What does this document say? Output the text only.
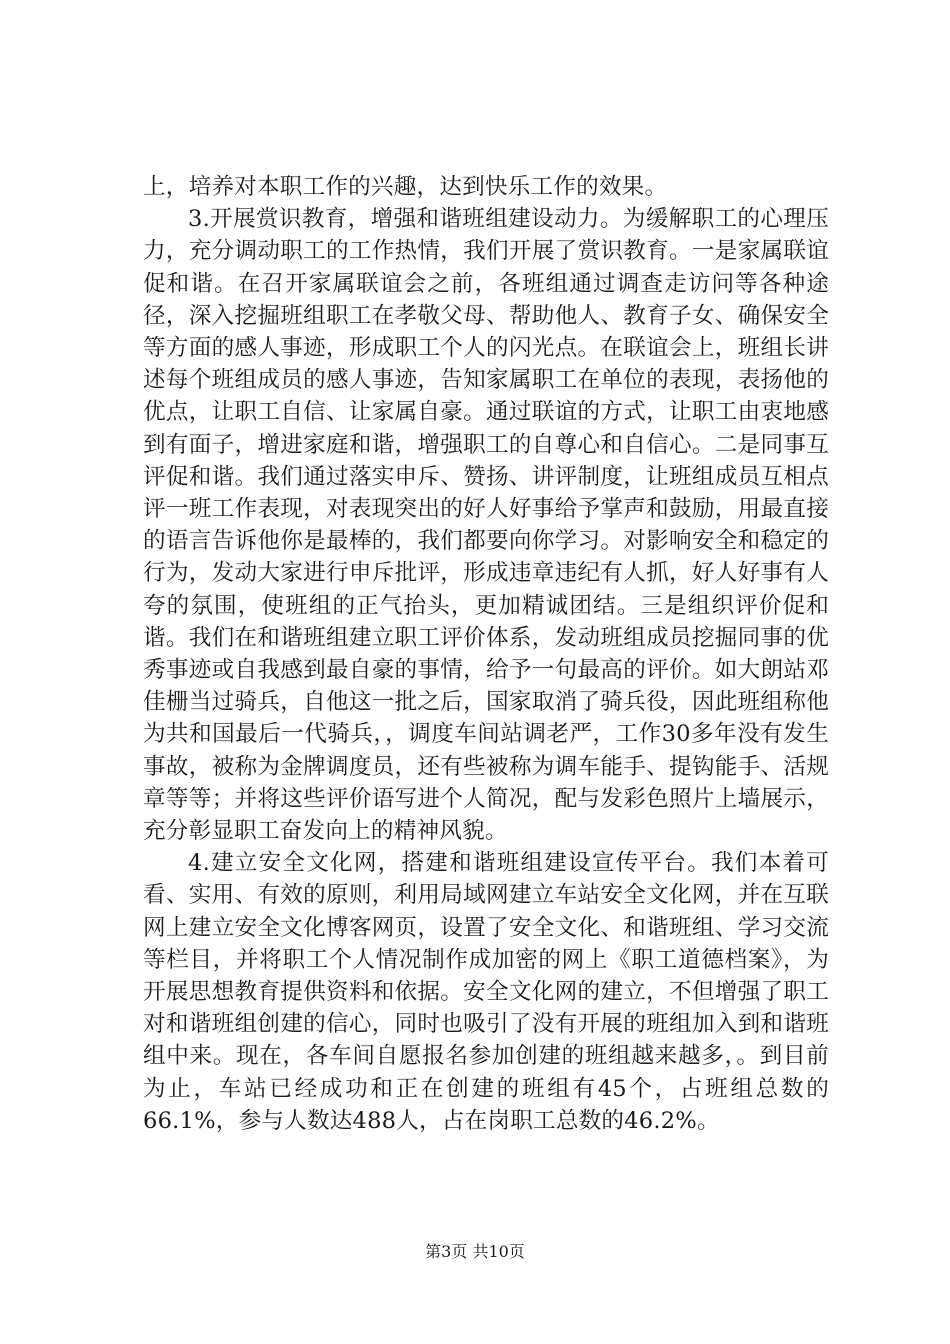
上，培养对本职工作的兴趣，达到快乐工作的效果。

3.开展赏识教育，增强和谐班组建设动力。为缓解职工的心理压力，充分调动职工的工作热情，我们开展了赏识教育。一是家属联谊促和谐。在召开家属联谊会之前，各班组通过调查走访问等各种途径，深入挖掘班组职工在孝敬父母、帮助他人、教育子女、确保安全等方面的感人事迹，形成职工个人的闪光点。在联谊会上，班组长讲述每个班组成员的感人事迹，告知家属职工在单位的表现，表扬他的优点，让职工自信、让家属自豪。通过联谊的方式，让职工由衷地感到有面子，增进家庭和谐，增强职工的自尊心和自信心。二是同事互评促和谐。我们通过落实申斥、赞扬、讲评制度，让班组成员互相点评一班工作表现，对表现突出的好人好事给予掌声和鼓励，用最直接的语言告诉他你是最棒的，我们都要向你学习。对影响安全和稳定的行为，发动大家进行申斥批评，形成违章违纪有人抓，好人好事有人夸的氛围，使班组的正气抬头，更加精诚团结。三是组织评价促和谐。我们在和谐班组建立职工评价体系，发动班组成员挖掘同事的优秀事迹或自我感到最自豪的事情，给予一句最高的评价。如大朗站邓佳栅当过骑兵，自他这一批之后，国家取消了骑兵役，因此班组称他为共和国最后一代骑兵，，调度车间站调老严，工作30多年没有发生事故，被称为金牌调度员，还有些被称为调车能手、提钩能手、活规章等等；并将这些评价语写进个人简况，配与发彩色照片上墙展示，充分彰显职工奋发向上的精神风貌。

4.建立安全文化网，搭建和谐班组建设宣传平台。我们本着可看、实用、有效的原则，利用局域网建立车站安全文化网，并在互联网上建立安全文化博客网页，设置了安全文化、和谐班组、学习交流等栏目，并将职工个人情况制作成加密的网上《职工道德档案》，为开展思想教育提供资料和依据。安全文化网的建立，不但增强了职工对和谐班组创建的信心，同时也吸引了没有开展的班组加入到和谐班组中来。现在，各车间自愿报名参加创建的班组越来越多，。到目前为止，车站已经成功和正在创建的班组有45个，占班组总数的66.1%，参与人数达488人，占在岗职工总数的46.2%。

第3页 共10页
